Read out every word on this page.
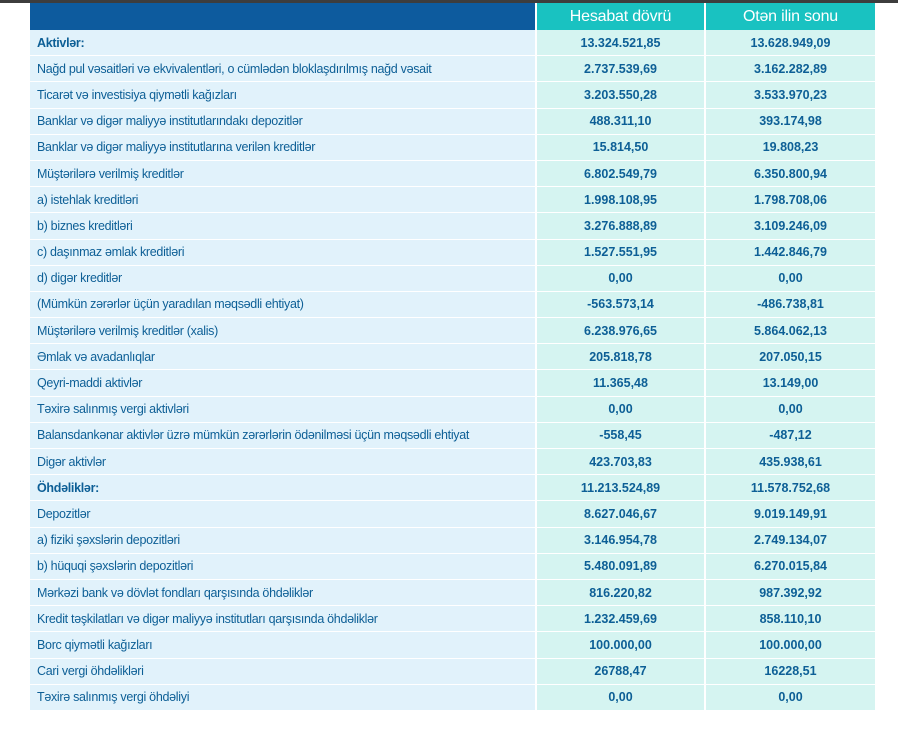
	Hesabat dövrü	Otən ilin sonu
Aktivlər:	13.324.521,85	13.628.949,09
Nağd pul vəsaitləri və ekvivalentləri, o cümlədən bloklaşdırılmış nağd vəsait	2.737.539,69	3.162.282,89
Ticarət və investisiya qiymətli kağızları	3.203.550,28	3.533.970,23
Banklar və digər maliyyə institutlarındakı depozitlər	488.311,10	393.174,98
Banklar və digər maliyyə institutlarına verilən kreditlər	15.814,50	19.808,23
Müştərilərə verilmiş kreditlər	6.802.549,79	6.350.800,94
a) istehlak kreditləri	1.998.108,95	1.798.708,06
b) biznes kreditləri	3.276.888,89	3.109.246,09
c) daşınmaz əmlak kreditləri	1.527.551,95	1.442.846,79
d) digər kreditlər	0,00	0,00
(Mümkün zərərlər üçün yaradılan məqsədli ehtiyat)	-563.573,14	-486.738,81
Müştərilərə verilmiş kreditlər (xalis)	6.238.976,65	5.864.062,13
Əmlak və avadanlıqlar	205.818,78	207.050,15
Qeyri-maddi aktivlər	11.365,48	13.149,00
Təxirə salınmış vergi aktivləri	0,00	0,00
Balansdankənar aktivlər üzrə mümkün zərərlərin ödənilməsi üçün məqsədli ehtiyat	-558,45	-487,12
Digər aktivlər	423.703,83	435.938,61
Öhdəliklər:	11.213.524,89	11.578.752,68
Depozitlər	8.627.046,67	9.019.149,91
a) fiziki şəxslərin depozitləri	3.146.954,78	2.749.134,07
b) hüquqi şəxslərin depozitləri	5.480.091,89	6.270.015,84
Mərkəzi bank və dövlət fondları qarşısında öhdəliklər	816.220,82	987.392,92
Kredit təşkilatları və digər maliyyə institutları qarşısında öhdəliklər	1.232.459,69	858.110,10
Borc qiymətli kağızları	100.000,00	100.000,00
Cari vergi öhdəlikləri	26788,47	16228,51
Təxirə salınmış vergi öhdəliyi	0,00	0,00
